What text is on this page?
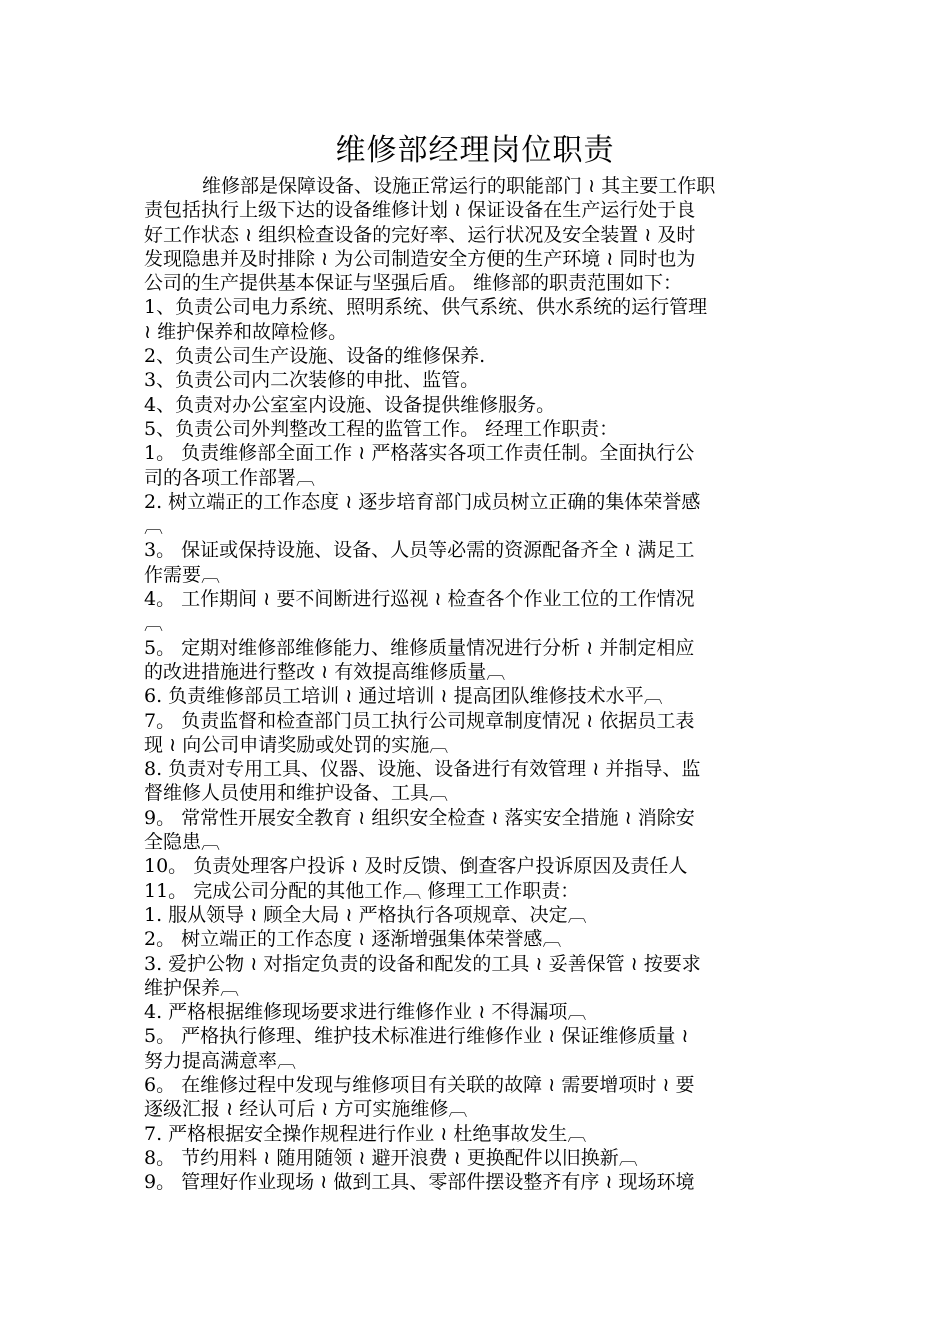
维修部经理岗位职责
维修部是保障设备、设施正常运行的职能部门 ≀ 其主要工作职
责包括执行上级下达的设备维修计划 ≀ 保证设备在生产运行处于良
好工作状态 ≀ 组织检查设备的完好率、运行状况及安全装置 ≀ 及时
发现隐患并及时排除 ≀ 为公司制造安全方便的生产环境 ≀ 同时也为
公司的生产提供基本保证与坚强后盾。 维修部的职责范围如下：
1、负责公司电力系统、照明系统、供气系统、供水系统的运行管理
≀ 维护保养和故障检修。
2、负责公司生产设施、设备的维修保养.
3、负责公司内二次装修的申批、监管。
4、负责对办公室室内设施、设备提供维修服务。
5、负责公司外判整改工程的监管工作。 经理工作职责：
1。 负责维修部全面工作 ≀ 严格落实各项工作责任制。全面执行公
司的各项工作部署︹
2. 树立端正的工作态度 ≀ 逐步培育部门成员树立正确的集体荣誉感
︹
3。 保证或保持设施、设备、人员等必需的资源配备齐全 ≀ 满足工
作需要︹
4。 工作期间 ≀ 要不间断进行巡视 ≀ 检查各个作业工位的工作情况
︹
5。 定期对维修部维修能力、维修质量情况进行分析 ≀ 并制定相应
的改进措施进行整改 ≀ 有效提高维修质量︹
6. 负责维修部员工培训 ≀ 通过培训 ≀ 提高团队维修技术水平︹
7。 负责监督和检查部门员工执行公司规章制度情况 ≀ 依据员工表
现 ≀ 向公司申请奖励或处罚的实施︹
8. 负责对专用工具、仪器、设施、设备进行有效管理 ≀ 并指导、监
督维修人员使用和维护设备、工具︹
9。 常常性开展安全教育 ≀ 组织安全检查 ≀ 落实安全措施 ≀ 消除安
全隐患︹
10。 负责处理客户投诉 ≀ 及时反馈、倒查客户投诉原因及责任人
11。 完成公司分配的其他工作︹ 修理工工作职责：
1. 服从领导 ≀ 顾全大局 ≀ 严格执行各项规章、决定︹
2。 树立端正的工作态度 ≀ 逐渐增强集体荣誉感︹
3. 爱护公物 ≀ 对指定负责的设备和配发的工具 ≀ 妥善保管 ≀ 按要求
维护保养︹
4. 严格根据维修现场要求进行维修作业 ≀ 不得漏项︹
5。 严格执行修理、维护技术标准进行维修作业 ≀ 保证维修质量 ≀
努力提高满意率︹
6。 在维修过程中发现与维修项目有关联的故障 ≀ 需要增项时 ≀ 要
逐级汇报 ≀ 经认可后 ≀ 方可实施维修︹
7. 严格根据安全操作规程进行作业 ≀ 杜绝事故发生︹
8。 节约用料 ≀ 随用随领 ≀ 避开浪费 ≀ 更换配件以旧换新︹
9。 管理好作业现场 ≀ 做到工具、零部件摆设整齐有序 ≀ 现场环境
